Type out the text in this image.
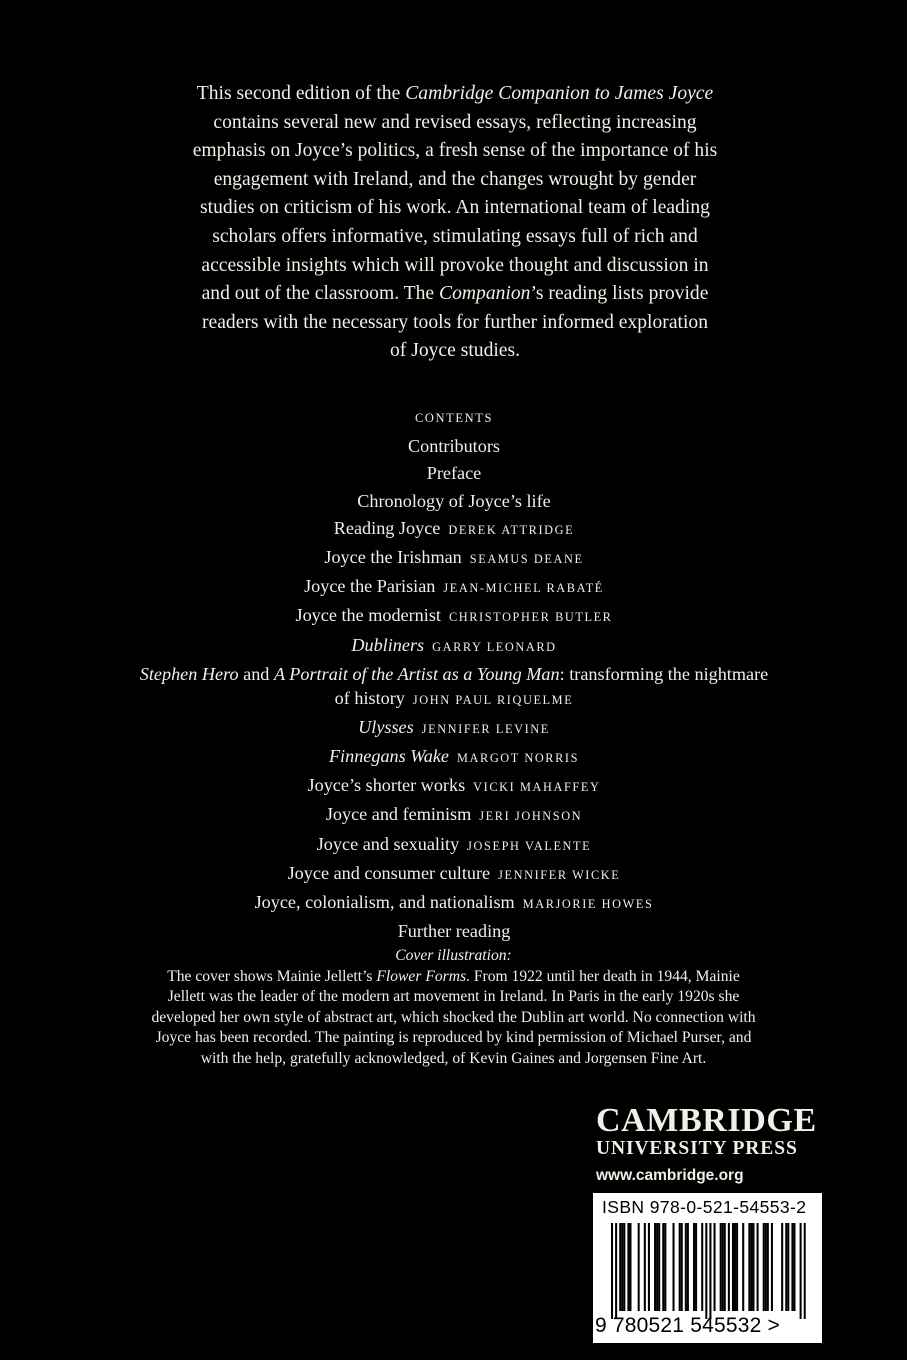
This second edition of the Cambridge Companion to James Joyce
contains several new and revised essays, reflecting increasing
emphasis on Joyce’s politics, a fresh sense of the importance of his
engagement with Ireland, and the changes wrought by gender
studies on criticism of his work. An international team of leading
scholars offers informative, stimulating essays full of rich and
accessible insights which will provoke thought and discussion in
and out of the classroom. The Companion’s reading lists provide
readers with the necessary tools for further informed exploration
of Joyce studies.
CONTENTS
Contributors
Preface
Chronology of Joyce’s life
Reading Joyce DEREK ATTRIDGE
Joyce the Irishman SEAMUS DEANE
Joyce the Parisian JEAN-MICHEL RABATÉ
Joyce the modernist CHRISTOPHER BUTLER
Dubliners GARRY LEONARD
Stephen Hero and A Portrait of the Artist as a Young Man: transforming the nightmare of history JOHN PAUL RIQUELME
Ulysses JENNIFER LEVINE
Finnegans Wake MARGOT NORRIS
Joyce’s shorter works VICKI MAHAFFEY
Joyce and feminism JERI JOHNSON
Joyce and sexuality JOSEPH VALENTE
Joyce and consumer culture JENNIFER WICKE
Joyce, colonialism, and nationalism MARJORIE HOWES
Further reading
Cover illustration:
The cover shows Mainie Jellett’s Flower Forms. From 1922 until her death in 1944, Mainie Jellett was the leader of the modern art movement in Ireland. In Paris in the early 1920s she developed her own style of abstract art, which shocked the Dublin art world. No connection with Joyce has been recorded. The painting is reproduced by kind permission of Michael Purser, and with the help, gratefully acknowledged, of Kevin Gaines and Jorgensen Fine Art.
CAMBRIDGE
UNIVERSITY PRESS
www.cambridge.org
ISBN 978-0-521-54553-2
9 780521 545532 >
